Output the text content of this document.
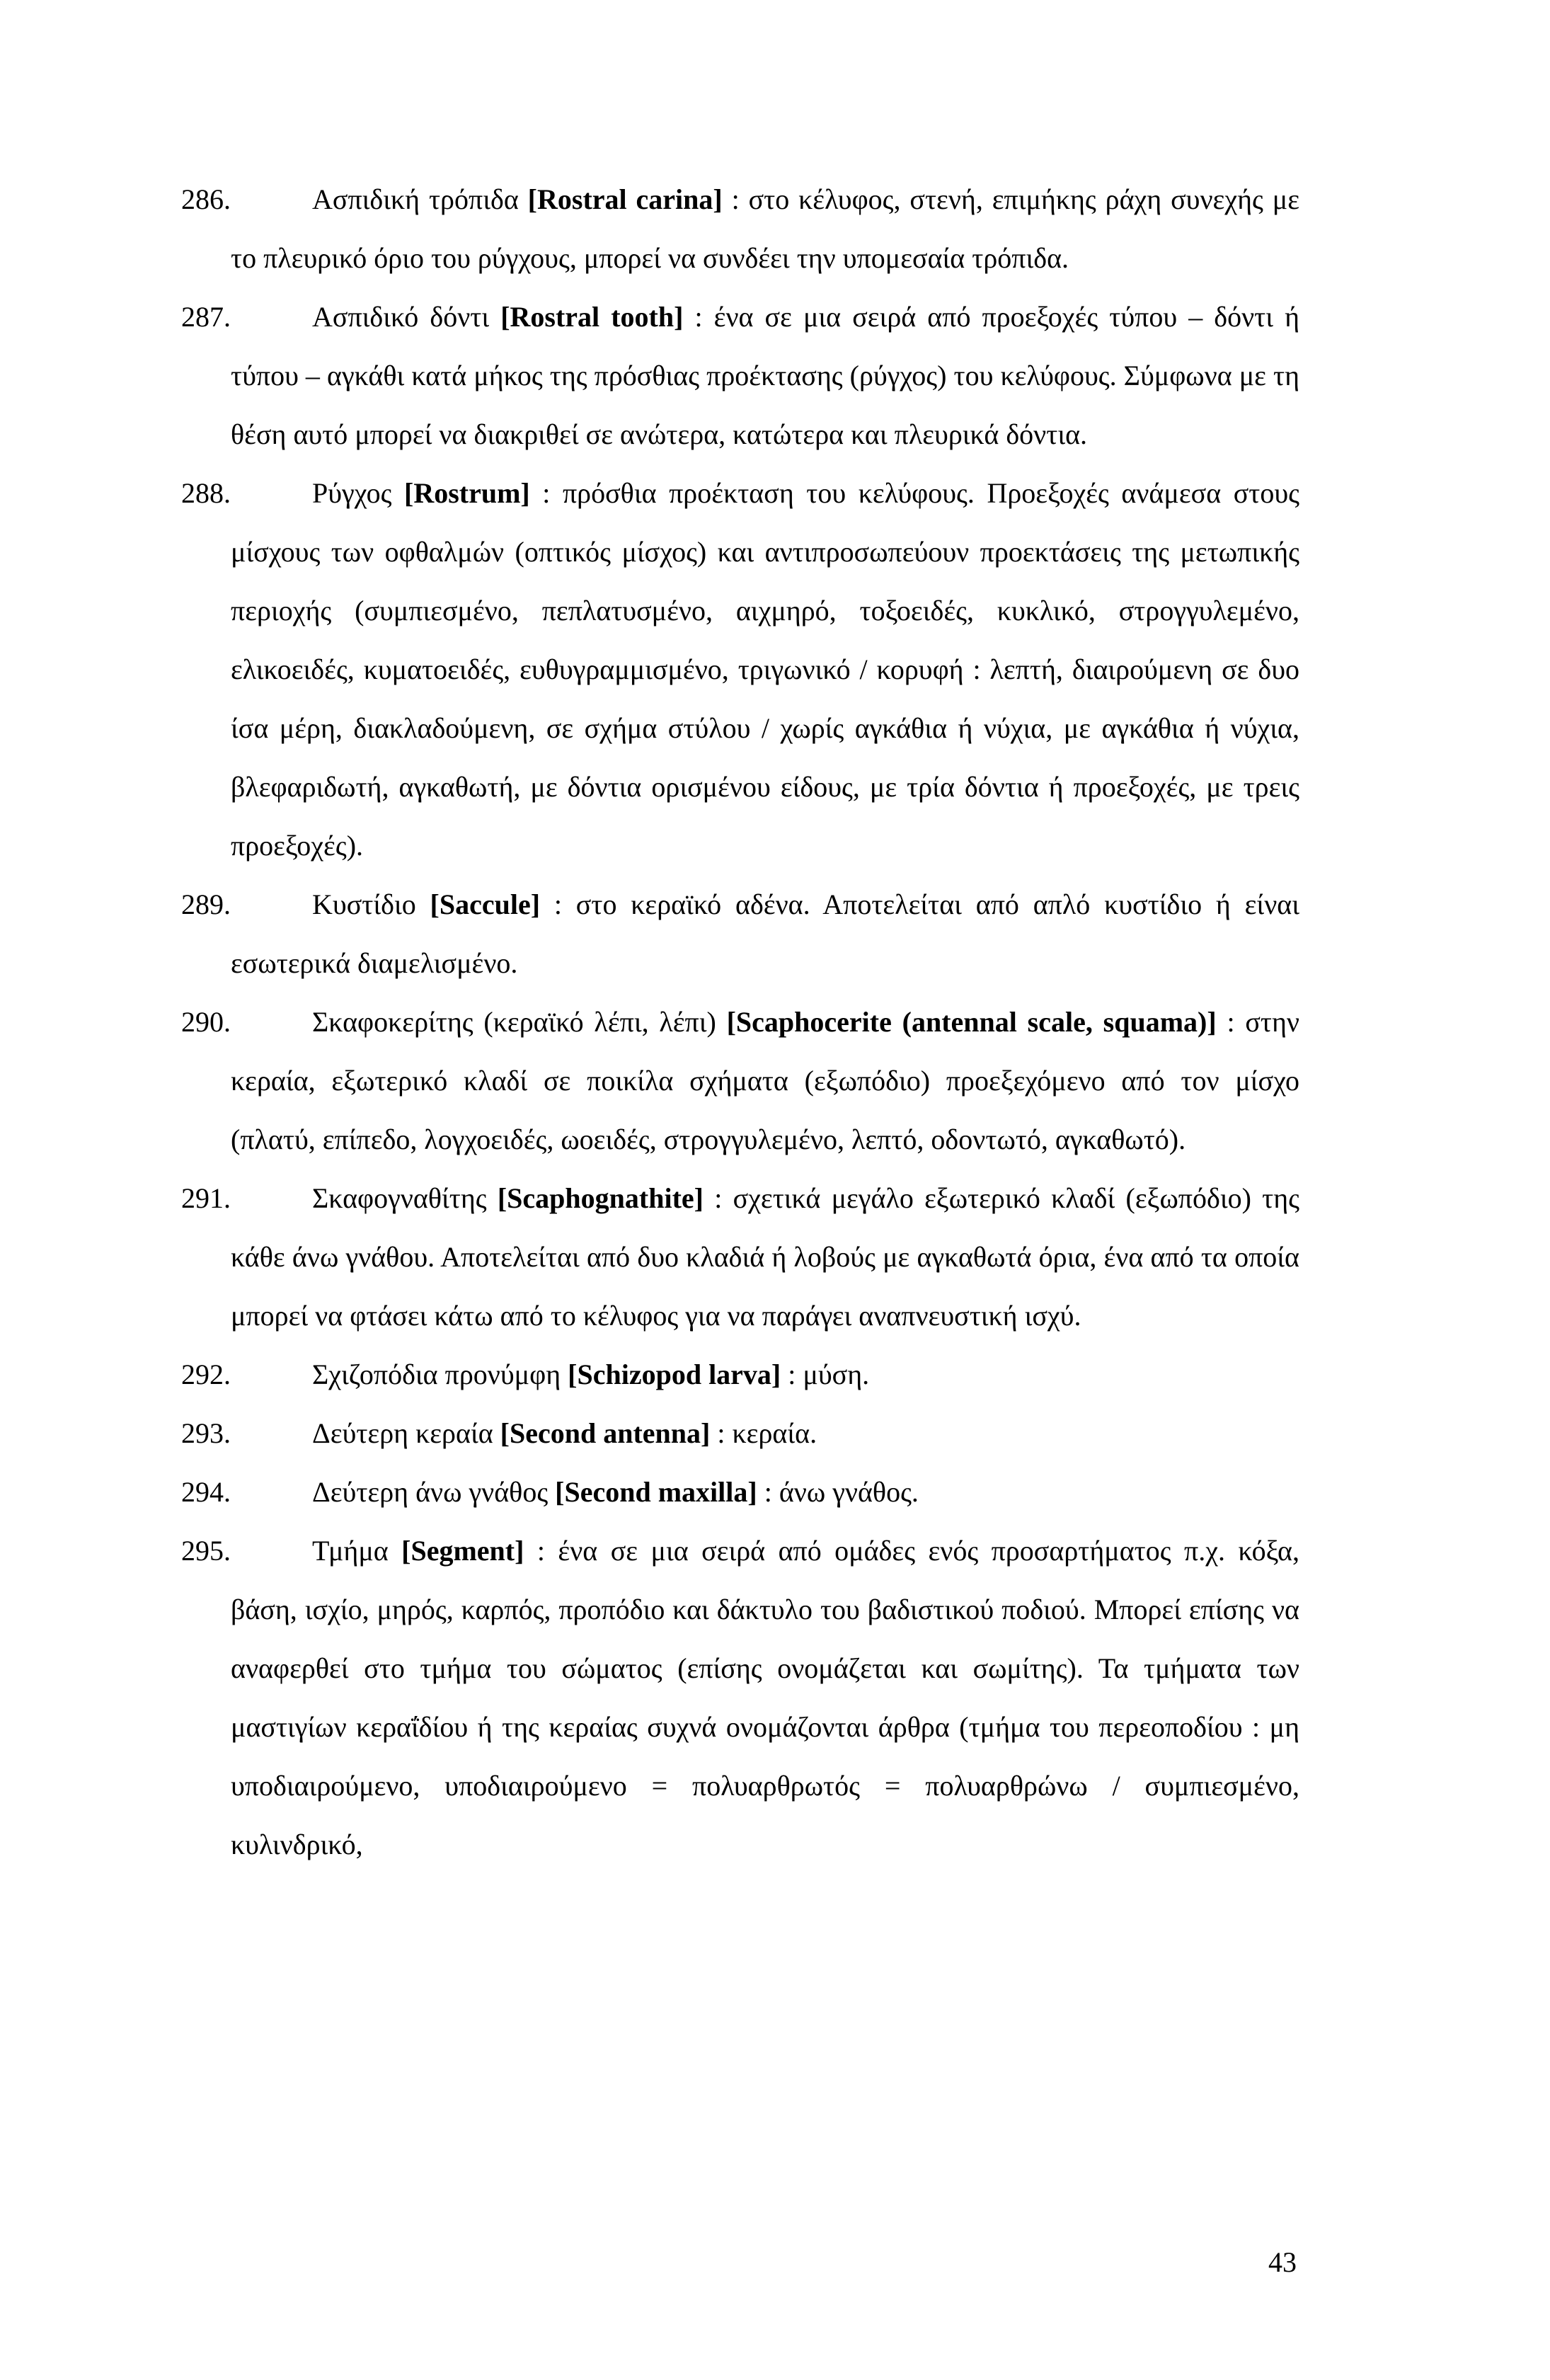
286.	Ασπιδική τρόπιδα [Rostral carina] : στο κέλυφος, στενή, επιμήκης ράχη συνεχής με το πλευρικό όριο του ρύγχους, μπορεί να συνδέει την υπομεσαία τρόπιδα.
287.	Ασπιδικό δόντι [Rostral tooth] : ένα σε μια σειρά από προεξοχές τύπου – δόντι ή τύπου – αγκάθι κατά μήκος της πρόσθιας προέκτασης (ρύγχος) του κελύφους. Σύμφωνα με τη θέση αυτό μπορεί να διακριθεί σε ανώτερα, κατώτερα και πλευρικά δόντια.
288.	Ρύγχος [Rostrum] : πρόσθια προέκταση του κελύφους. Προεξοχές ανάμεσα στους μίσχους των οφθαλμών (οπτικός μίσχος) και αντιπροσωπεύουν προεκτάσεις της μετωπικής περιοχής (συμπιεσμένο, πεπλατυσμένο, αιχμηρό, τοξοειδές, κυκλικό, στρογγυλεμένο, ελικοειδές, κυματοειδές, ευθυγραμμισμένο, τριγωνικό / κορυφή : λεπτή, διαιρούμενη σε δυο ίσα μέρη, διακλαδούμενη, σε σχήμα στύλου / χωρίς αγκάθια ή νύχια, με αγκάθια ή νύχια, βλεφαριδωτή, αγκαθωτή, με δόντια ορισμένου είδους, με τρία δόντια ή προεξοχές, με τρεις προεξοχές).
289.	Κυστίδιο [Saccule] : στο κεραϊκό αδένα. Αποτελείται από απλό κυστίδιο ή είναι εσωτερικά διαμελισμένο.
290.	Σκαφοκερίτης (κεραϊκό λέπι, λέπι) [Scaphocerite (antennal scale, squama)] : στην κεραία, εξωτερικό κλαδί σε ποικίλα σχήματα (εξωπόδιο) προεξεχόμενο από τον μίσχο (πλατύ, επίπεδο, λογχοειδές, ωοειδές, στρογγυλεμένο, λεπτό, οδοντωτό, αγκαθωτό).
291.	Σκαφογναθίτης [Scaphognathite] : σχετικά μεγάλο εξωτερικό κλαδί (εξωπόδιο) της κάθε άνω γνάθου. Αποτελείται από δυο κλαδιά ή λοβούς με αγκαθωτά όρια, ένα από τα οποία μπορεί να φτάσει κάτω από το κέλυφος για να παράγει αναπνευστική ισχύ.
292.	Σχιζοπόδια προνύμφη [Schizopod larva] : μύση.
293.	Δεύτερη κεραία [Second antenna] : κεραία.
294.	Δεύτερη άνω γνάθος [Second maxilla] : άνω γνάθος.
295.	Τμήμα [Segment] : ένα σε μια σειρά από ομάδες ενός προσαρτήματος π.χ. κόξα, βάση, ισχίο, μηρός, καρπός, προπόδιο και δάκτυλο του βαδιστικού ποδιού. Μπορεί επίσης να αναφερθεί στο τμήμα του σώματος (επίσης ονομάζεται και σωμίτης). Τα τμήματα των μαστιγίων κεραΐδίου ή της κεραίας συχνά ονομάζονται άρθρα (τμήμα του περεοποδίου : μη υποδιαιρούμενο, υποδιαιρούμενο = πολυαρθρωτός = πολυαρθρώνω / συμπιεσμένο, κυλινδρικό,
43
